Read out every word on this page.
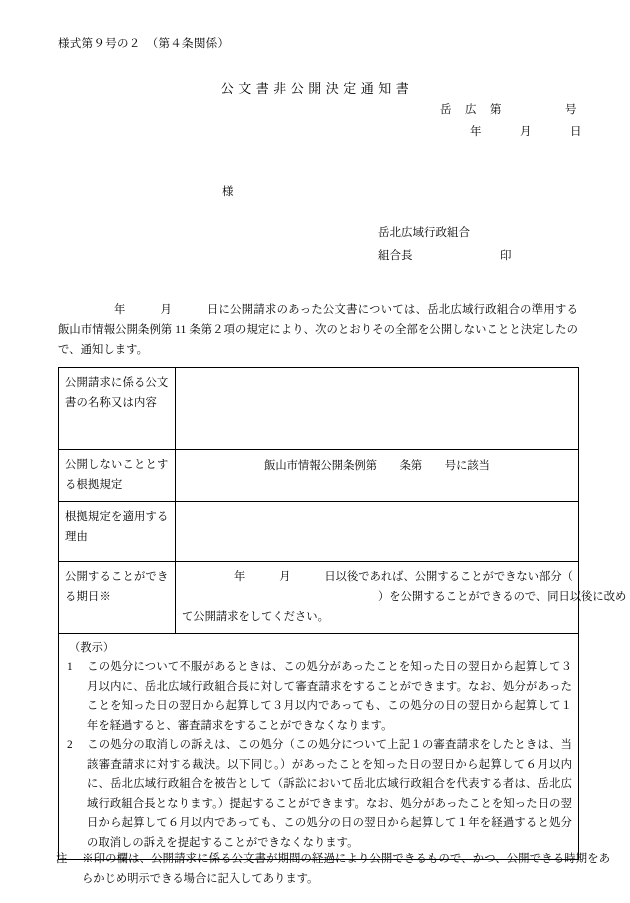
様式第９号の２　（第４条関係）
公文書非公開決定通知書
岳　広　第　　　　　号
年　　　月　　　日
様
岳北広域行政組合
組合長	印
年　　　月　　　日に公開請求のあった公文書については、岳北広域行政組合の準用する飯山市情報公開条例第 11 条第２項の規定により、次のとおりその全部を公開しないことと決定したので、通知します。
公開請求に係る公文書の名称又は内容	
公開しないこととする根拠規定	飯山市情報公開条例第　　条第　　号に該当

根拠規定を適用する理由	
公開することができる期日※	年　　　月　　　日以後であれば、公開することができない部分（
）を公開することができるので、同日以後に改め
て公開請求をしてください。

（教示）
1 この処分について不服があるときは、この処分があったことを知った日の翌日から起算して３月以内に、岳北広域行政組合長に対して審査請求をすることができます。なお、処分があったことを知った日の翌日から起算して３月以内であっても、この処分の日の翌日から起算して１年を経過すると、審査請求をすることができなくなります。
2 この処分の取消しの訴えは、この処分（この処分について上記１の審査請求をしたときは、当該審査請求に対する裁決。以下同じ。）があったことを知った日の翌日から起算して６月以内に、岳北広域行政組合を被告として（訴訟において岳北広域行政組合を代表する者は、岳北広域行政組合長となります。）提起することができます。なお、処分があったことを知った日の翌日から起算して６月以内であっても、この処分の日の翌日から起算して１年を経過すると処分の取消しの訴えを提起することができなくなります。	
注 ※印の欄は、公開請求に係る公文書が期間の経過により公開できるもので、かつ、公開できる時期をあらかじめ明示できる場合に記入してあります。
